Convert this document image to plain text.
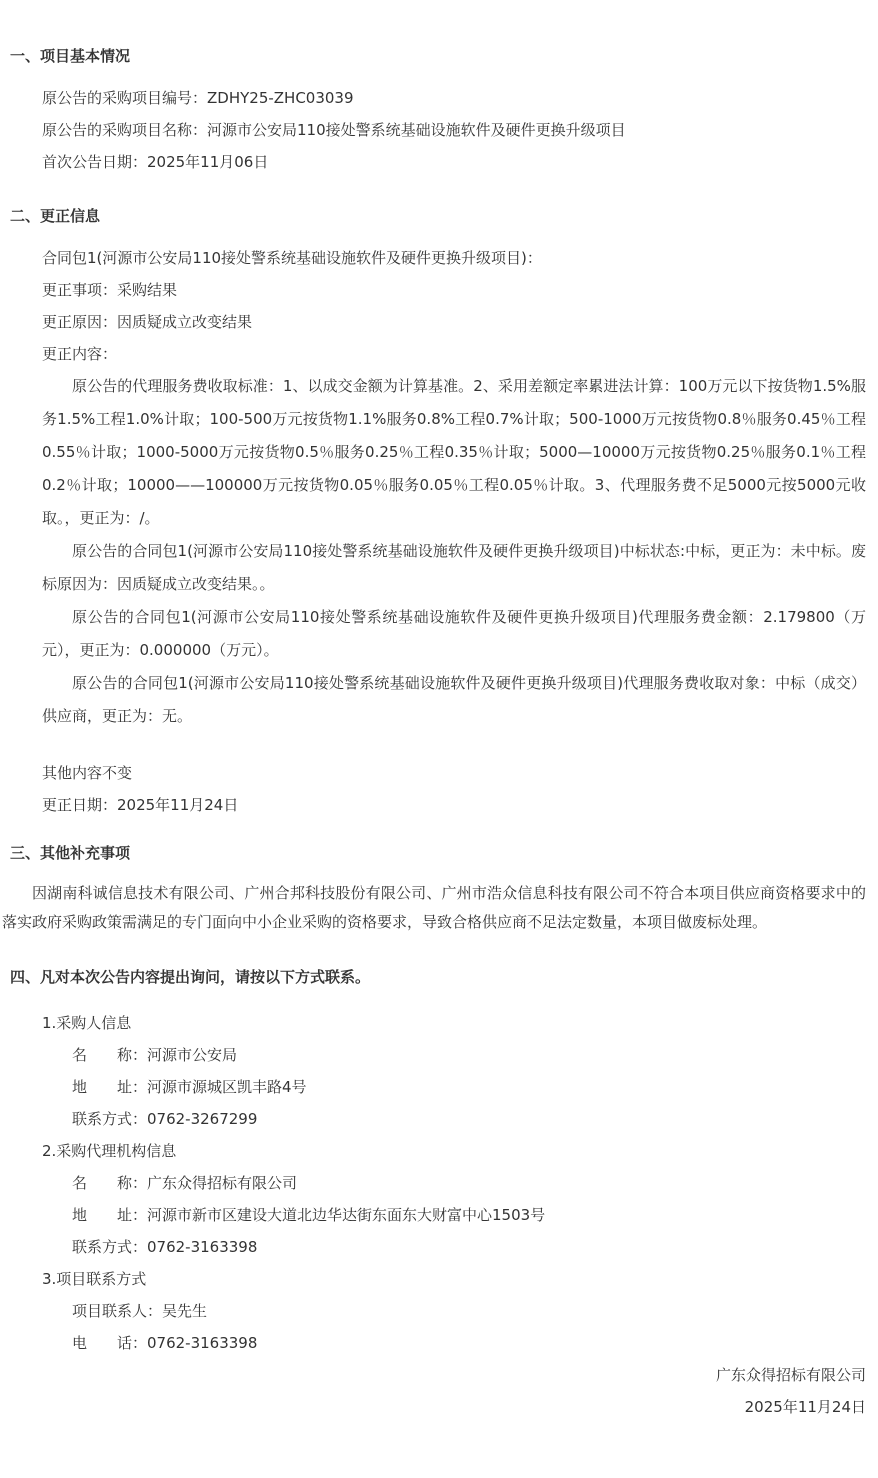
一、项目基本情况
原公告的采购项目编号：ZDHY25-ZHC03039
原公告的采购项目名称：河源市公安局110接处警系统基础设施软件及硬件更换升级项目
首次公告日期：2025年11月06日
二、更正信息
合同包1(河源市公安局110接处警系统基础设施软件及硬件更换升级项目)：
更正事项：采购结果
更正原因：因质疑成立改变结果
更正内容：

原公告的代理服务费收取标准：1、以成交金额为计算基准。2、采用差额定率累进法计算：100万元以下按货物1.5%服务1.5%工程1.0%计取；100-500万元按货物1.1%服务0.8%工程0.7%计取；500-1000万元按货物0.8％服务0.45％工程0.55％计取；1000-5000万元按货物0.5％服务0.25％工程0.35％计取；5000—10000万元按货物0.25％服务0.1％工程0.2％计取；10000——100000万元按货物0.05％服务0.05％工程0.05％计取。3、代理服务费不足5000元按5000元收取。，更正为：/。

原公告的合同包1(河源市公安局110接处警系统基础设施软件及硬件更换升级项目)中标状态:中标，更正为：未中标。废标原因为：因质疑成立改变结果。。

原公告的合同包1(河源市公安局110接处警系统基础设施软件及硬件更换升级项目)代理服务费金额：2.179800（万元），更正为：0.000000（万元）。

原公告的合同包1(河源市公安局110接处警系统基础设施软件及硬件更换升级项目)代理服务费收取对象：中标（成交）供应商，更正为：无。

其他内容不变
更正日期：2025年11月24日
三、其他补充事项

因湖南科诚信息技术有限公司、广州合邦科技股份有限公司、广州市浩众信息科技有限公司不符合本项目供应商资格要求中的落实政府采购政策需满足的专门面向中小企业采购的资格要求，导致合格供应商不足法定数量，本项目做废标处理。

四、凡对本次公告内容提出询问，请按以下方式联系。
1.采购人信息
名　　称：河源市公安局
地　　址：河源市源城区凯丰路4号
联系方式：0762-3267299
2.采购代理机构信息
名　　称：广东众得招标有限公司
地　　址：河源市新市区建设大道北边华达街东面东大财富中心1503号
联系方式：0762-3163398
3.项目联系方式
项目联系人：吴先生
电　　话：0762-3163398
广东众得招标有限公司
2025年11月24日
